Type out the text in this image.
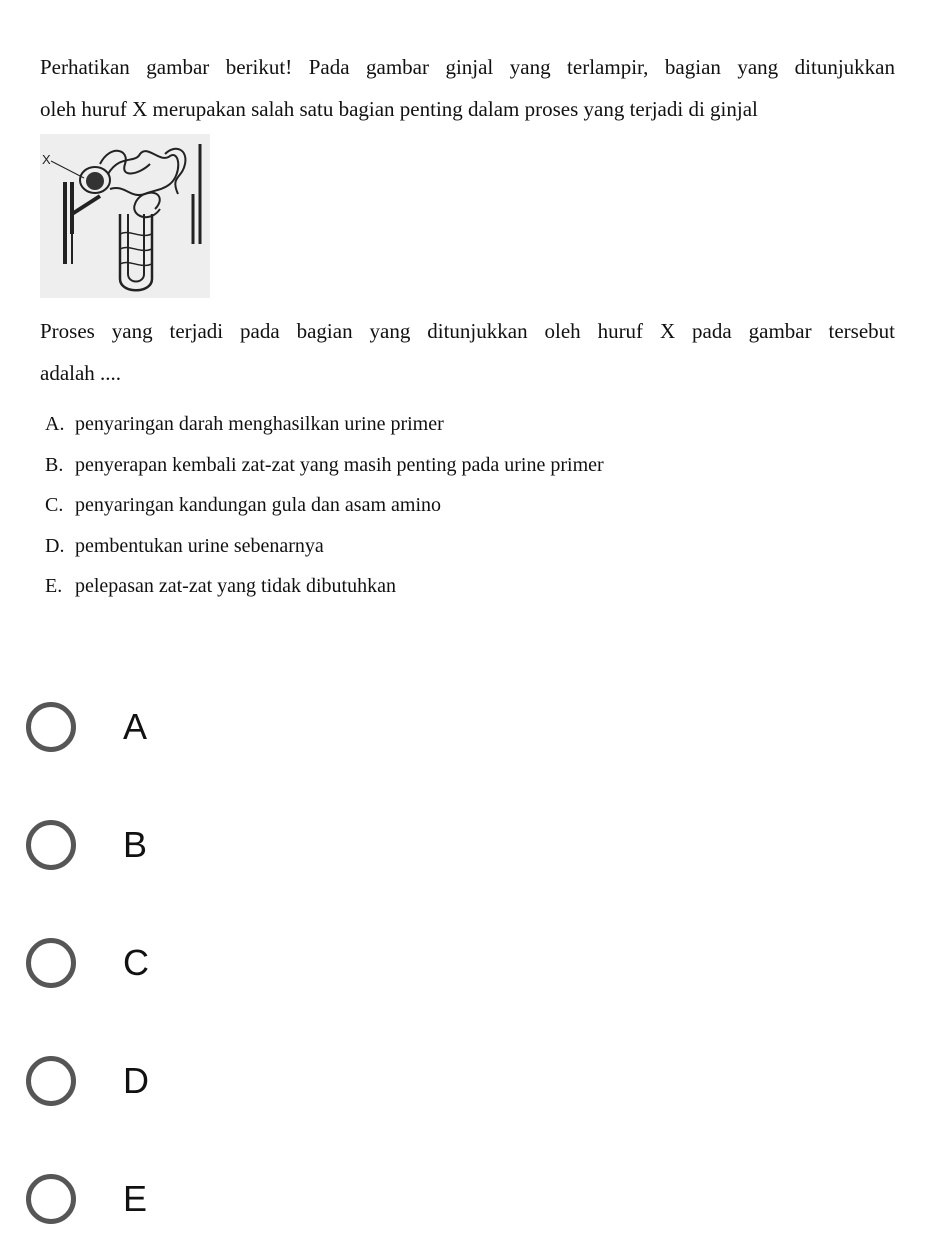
Perhatikan gambar berikut! Pada gambar ginjal yang terlampir, bagian yang ditunjukkan
oleh huruf X merupakan salah satu bagian penting dalam proses yang terjadi di ginjal
X
Proses yang terjadi pada bagian yang ditunjukkan oleh huruf X pada gambar tersebut
adalah ....
A. penyaringan darah menghasilkan urine primer
B. penyerapan kembali zat-zat yang masih penting pada urine primer
C. penyaringan kandungan gula dan asam amino
D. pembentukan urine sebenarnya
E. pelepasan zat-zat yang tidak dibutuhkan
A
B
C
D
E
